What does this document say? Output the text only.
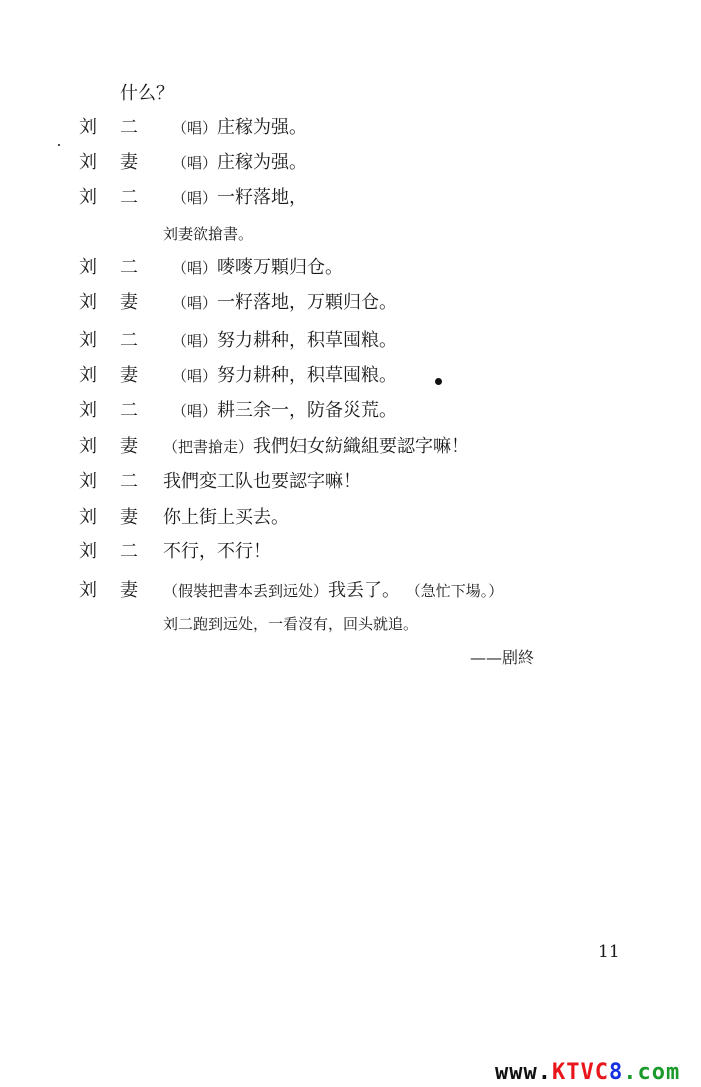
什么？
刘 二 （唱）庄稼为强。
刘 妻 （唱）庄稼为强。
刘 二 （唱）一籽落地，
刘妻欲搶書。
刘 二 （唱）嘜嘜万顆归仓。
刘 妻 （唱）一籽落地，万顆归仓。
刘 二 （唱）努力耕种，积草囤粮。
刘 妻 （唱）努力耕种，积草囤粮。
刘 二 （唱）耕三余一，防备災荒。
刘 妻 （把書搶走）我們妇女紡織組要認字嘛！
刘 二 我們変工队也要認字嘛！
刘 妻 你上街上买去。
刘 二 不行，不行！
刘 妻 （假裝把書本丢到远处）我丢了。 （急忙下場。）
刘二跑到远处，一看沒有，回头就追。
——剧終
11
www.KTVC8.com
